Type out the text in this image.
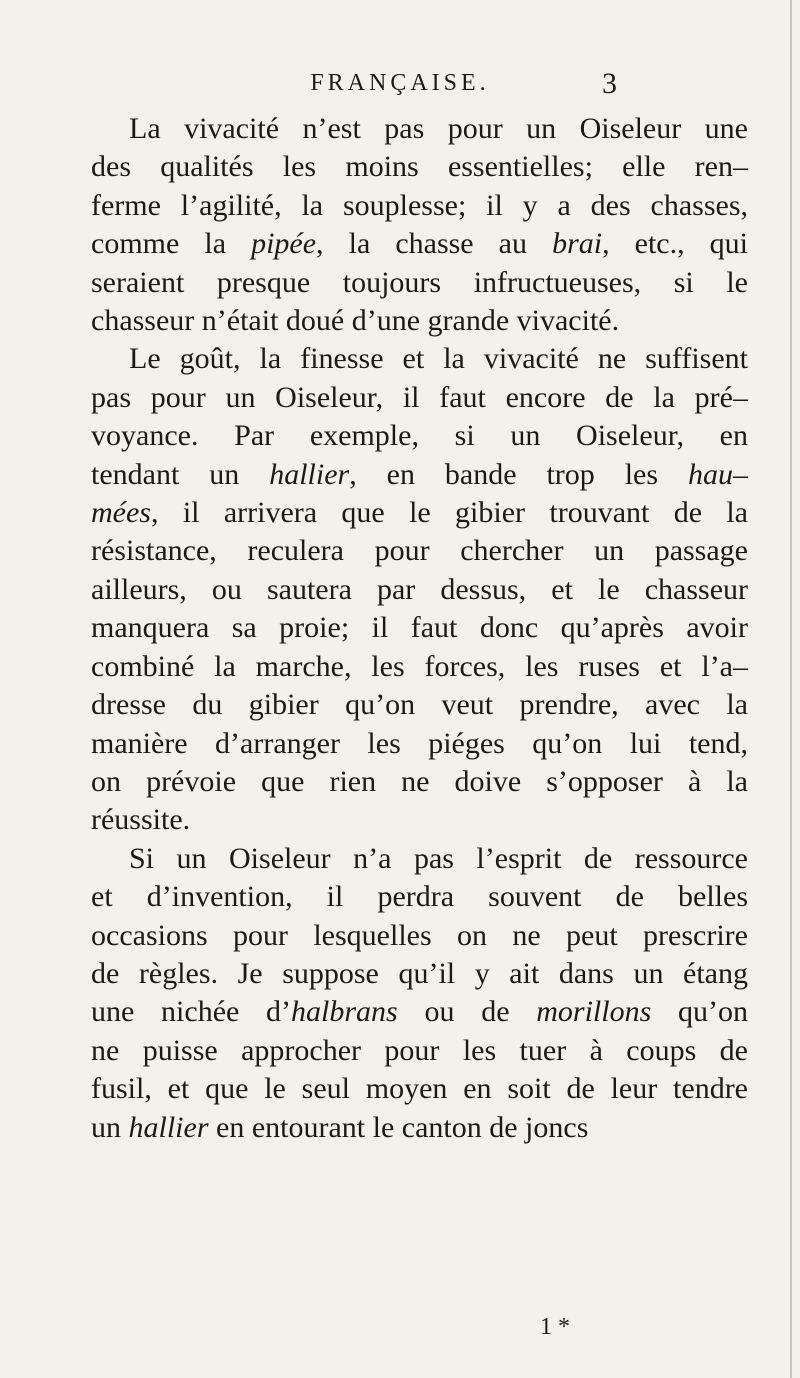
FRANÇAISE.	3
La vivacité n’est pas pour un Oiseleur une
des qualités les moins essentielles; elle ren–
ferme l’agilité, la souplesse; il y a des chasses,
comme la pipée, la chasse au brai, etc., qui
seraient presque toujours infructueuses, si le
chasseur n’était doué d’une grande vivacité.
Le goût, la finesse et la vivacité ne suffisent
pas pour un Oiseleur, il faut encore de la pré–
voyance. Par exemple, si un Oiseleur, en
tendant un hallier, en bande trop les hau–
mées, il arrivera que le gibier trouvant de la
résistance, reculera pour chercher un passage
ailleurs, ou sautera par dessus, et le chasseur
manquera sa proie; il faut donc qu’après avoir
combiné la marche, les forces, les ruses et l’a–
dresse du gibier qu’on veut prendre, avec la
manière d’arranger les piéges qu’on lui tend,
on prévoie que rien ne doive s’opposer à la
réussite.
Si un Oiseleur n’a pas l’esprit de ressource
et d’invention, il perdra souvent de belles
occasions pour lesquelles on ne peut prescrire
de règles. Je suppose qu’il y ait dans un étang
une nichée d’halbrans ou de morillons qu’on
ne puisse approcher pour les tuer à coups de
fusil, et que le seul moyen en soit de leur tendre
un hallier en entourant le canton de joncs
1 *
